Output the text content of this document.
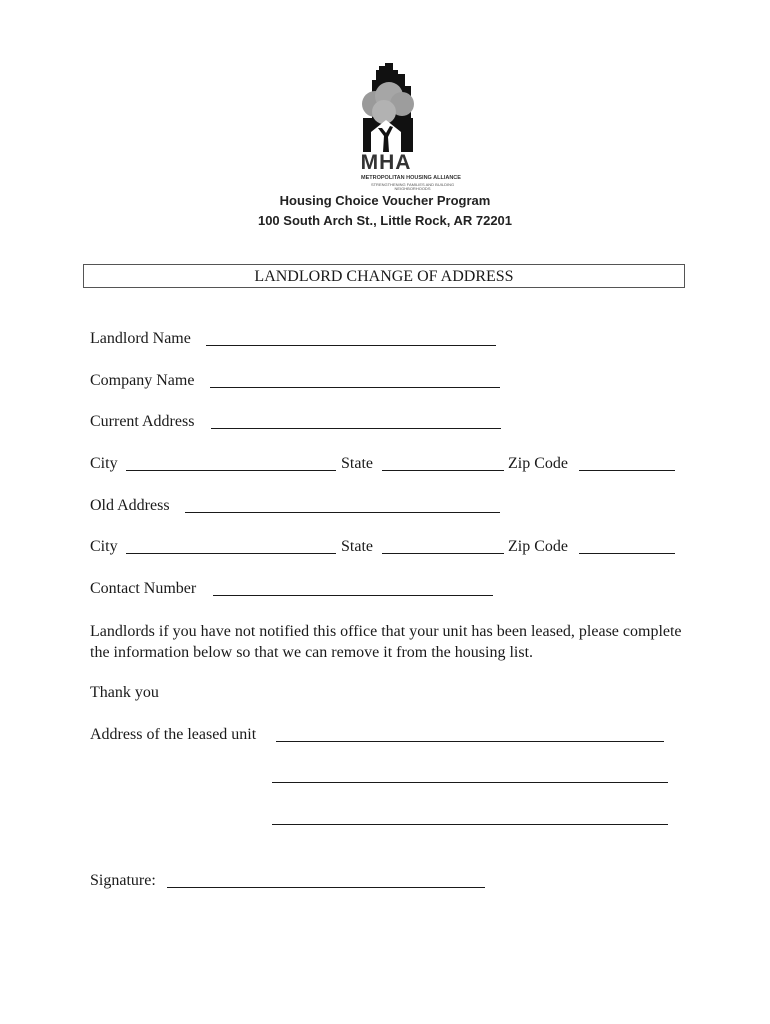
MHA
METROPOLITAN HOUSING ALLIANCE
STRENGTHENING FAMILIES AND BUILDING NEIGHBORHOODS
Housing Choice Voucher Program
100 South Arch St., Little Rock, AR 72201
LANDLORD CHANGE OF ADDRESS
Landlord Name
Company Name
Current Address
City	State	Zip Code
Old Address
City	State	Zip Code
Contact Number
Landlords if you have not notified this office that your unit has been leased, please complete the information below so that we can remove it from the housing list.
Thank you
Address of the leased unit
Signature:
